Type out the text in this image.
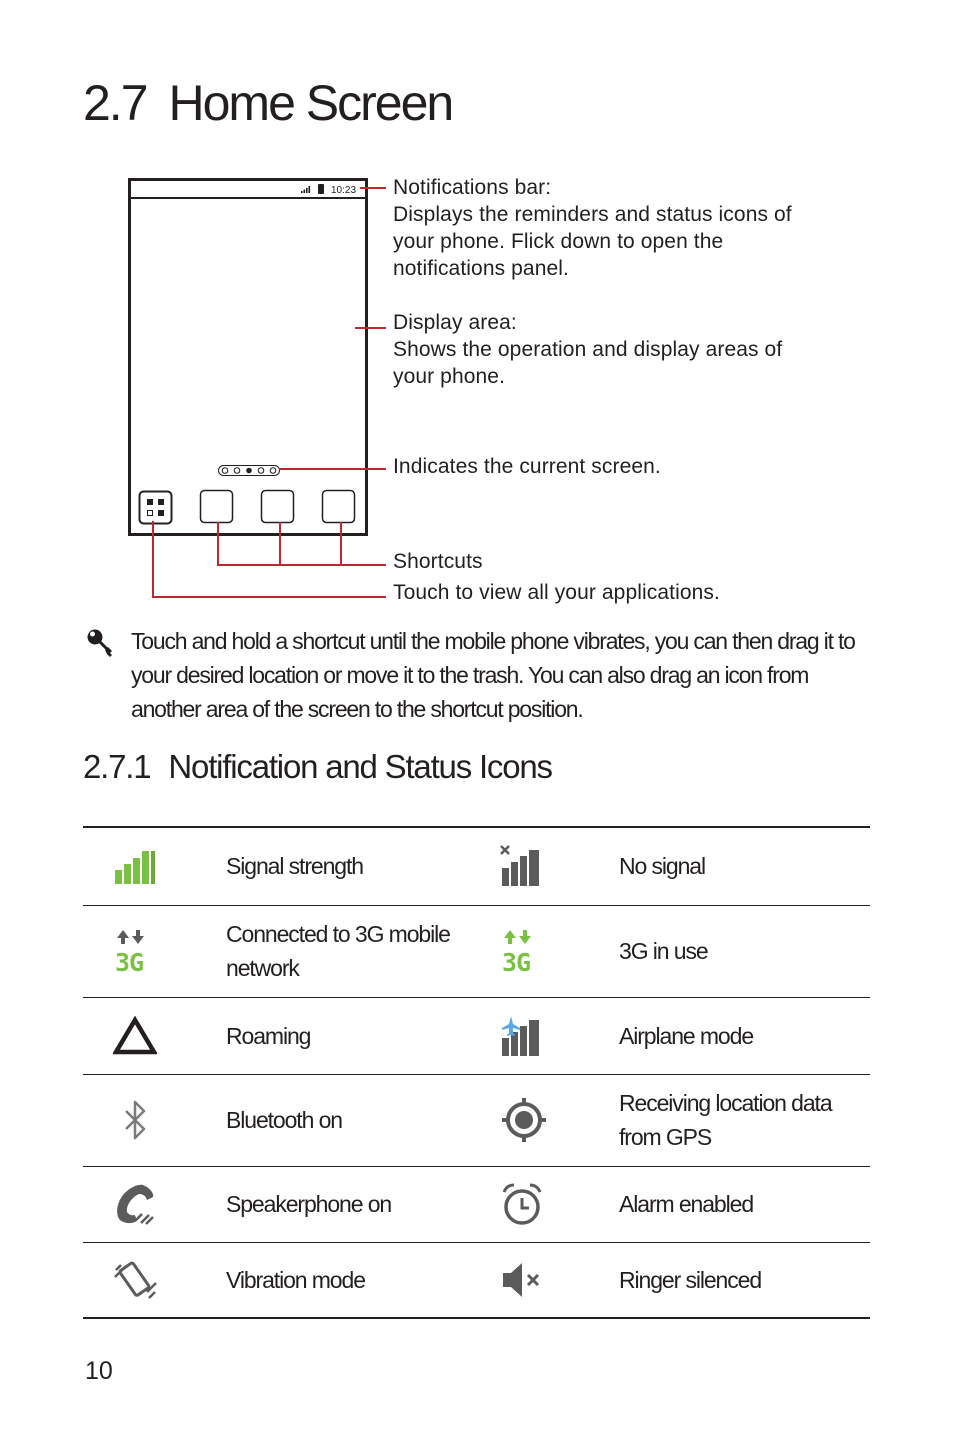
2.7 Home Screen
10:23 Notifications bar:
Displays the reminders and status icons of
your phone. Flick down to open the
notifications panel.
Display area:
Shows the operation and display areas of
your phone.
Indicates the current screen.
Shortcuts
Touch to view all your applications.
Touch and hold a shortcut until the mobile phone vibrates, you can then drag it to your desired location or move it to the trash. You can also drag an icon from another area of the screen to the shortcut position.
2.7.1 Notification and Status Icons
	Signal strength		No signal

3G	Connected to 3G mobile network	3G	3G in use

	Roaming		Airplane mode

	Bluetooth on		Receiving location data from GPS

	Speakerphone on		Alarm enabled

	Vibration mode		Ringer silenced
10
